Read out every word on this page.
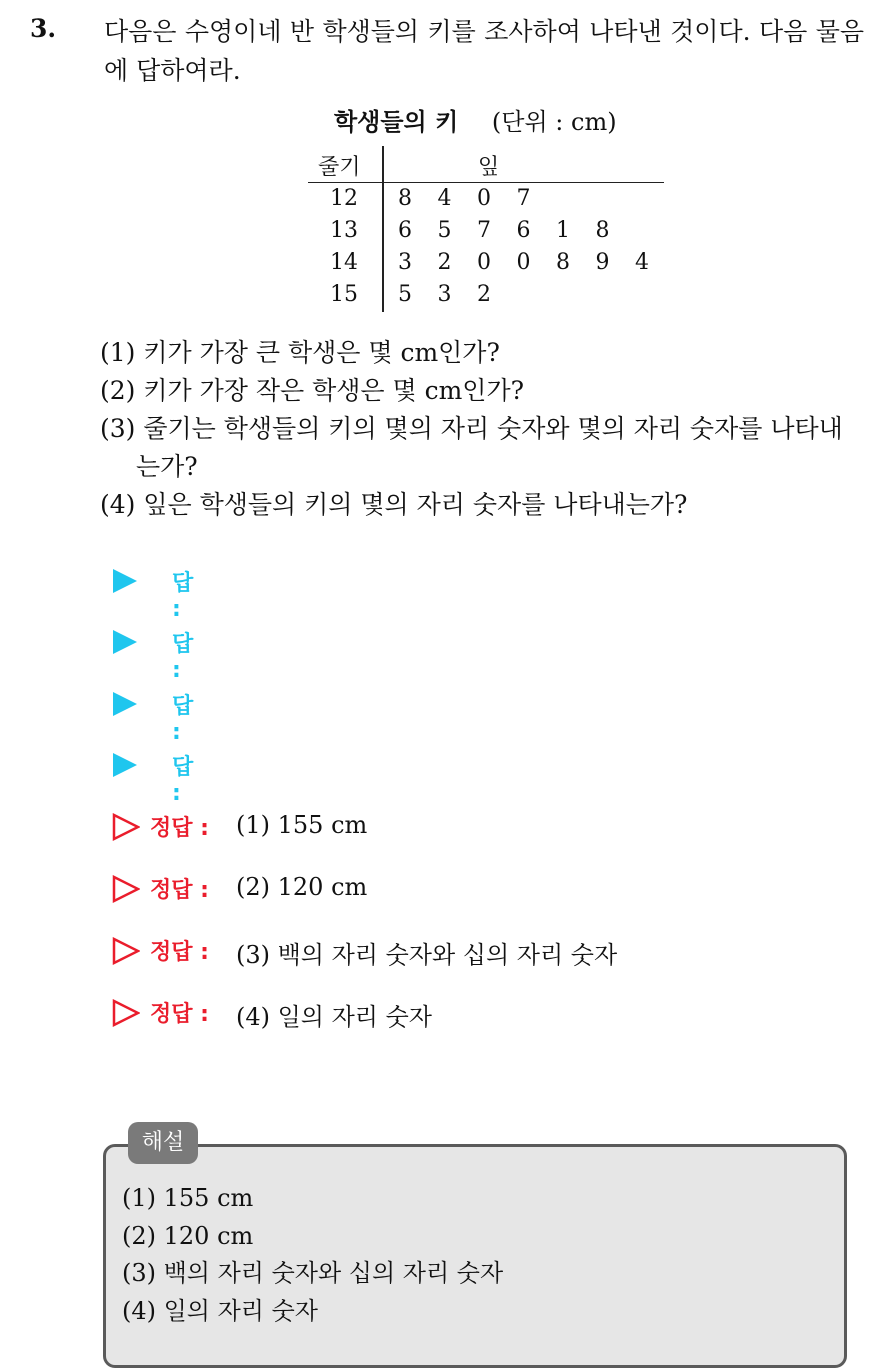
3. 다음은 수영이네 반 학생들의 키를 조사하여 나타낸 것이다. 다음 물음에 답하여라.
학생들의 키 (단위 : cm)
줄기	잎
12 8	4	0	7
13 6	5	7	6	1	8
14 3	2	0	0	8	9	4
15 5	3	2
(1) 키가 가장 큰 학생은 몇 cm인가?
(2) 키가 가장 작은 학생은 몇 cm인가?
(3) 줄기는 학생들의 키의 몇의 자리 숫자와 몇의 자리 숫자를 나타내
는가?
(4) 잎은 학생들의 키의 몇의 자리 숫자를 나타내는가?
답 :
답 :
답 :
답 :
정답 : (1) 155 cm
정답 : (2) 120 cm
정답 : (3) 백의 자리 숫자와 십의 자리 숫자
정답 : (4) 일의 자리 숫자
해설
(1) 155 cm
(2) 120 cm
(3) 백의 자리 숫자와 십의 자리 숫자
(4) 일의 자리 숫자
